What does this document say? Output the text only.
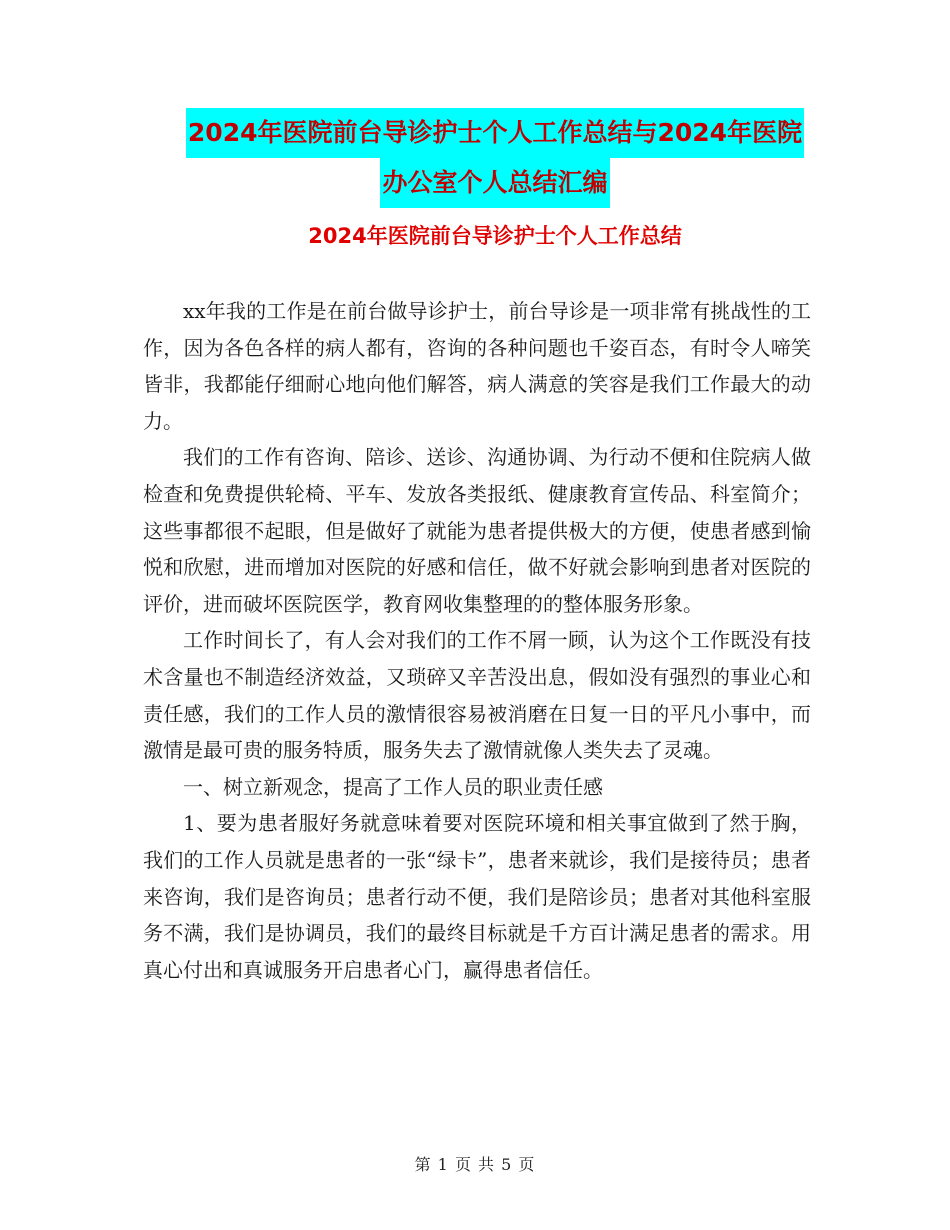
2024年医院前台导诊护士个人工作总结与2024年医院
办公室个人总结汇编
2024年医院前台导诊护士个人工作总结

xx年我的工作是在前台做导诊护士，前台导诊是一项非常有挑战性的工作，因为各色各样的病人都有，咨询的各种问题也千姿百态，有时令人啼笑皆非，我都能仔细耐心地向他们解答，病人满意的笑容是我们工作最大的动力。

我们的工作有咨询、陪诊、送诊、沟通协调、为行动不便和住院病人做检查和免费提供轮椅、平车、发放各类报纸、健康教育宣传品、科室简介；这些事都很不起眼，但是做好了就能为患者提供极大的方便，使患者感到愉悦和欣慰，进而增加对医院的好感和信任，做不好就会影响到患者对医院的评价，进而破坏医院医学，教育网收集整理的的整体服务形象。

工作时间长了，有人会对我们的工作不屑一顾，认为这个工作既没有技术含量也不制造经济效益，又琐碎又辛苦没出息，假如没有强烈的事业心和责任感，我们的工作人员的激情很容易被消磨在日复一日的平凡小事中，而激情是最可贵的服务特质，服务失去了激情就像人类失去了灵魂。

一、树立新观念，提高了工作人员的职业责任感

1、要为患者服好务就意味着要对医院环境和相关事宜做到了然于胸，我们的工作人员就是患者的一张“绿卡”，患者来就诊，我们是接待员；患者来咨询，我们是咨询员；患者行动不便，我们是陪诊员；患者对其他科室服务不满，我们是协调员，我们的最终目标就是千方百计满足患者的需求。用真心付出和真诚服务开启患者心门，赢得患者信任。

第 1 页 共 5 页
